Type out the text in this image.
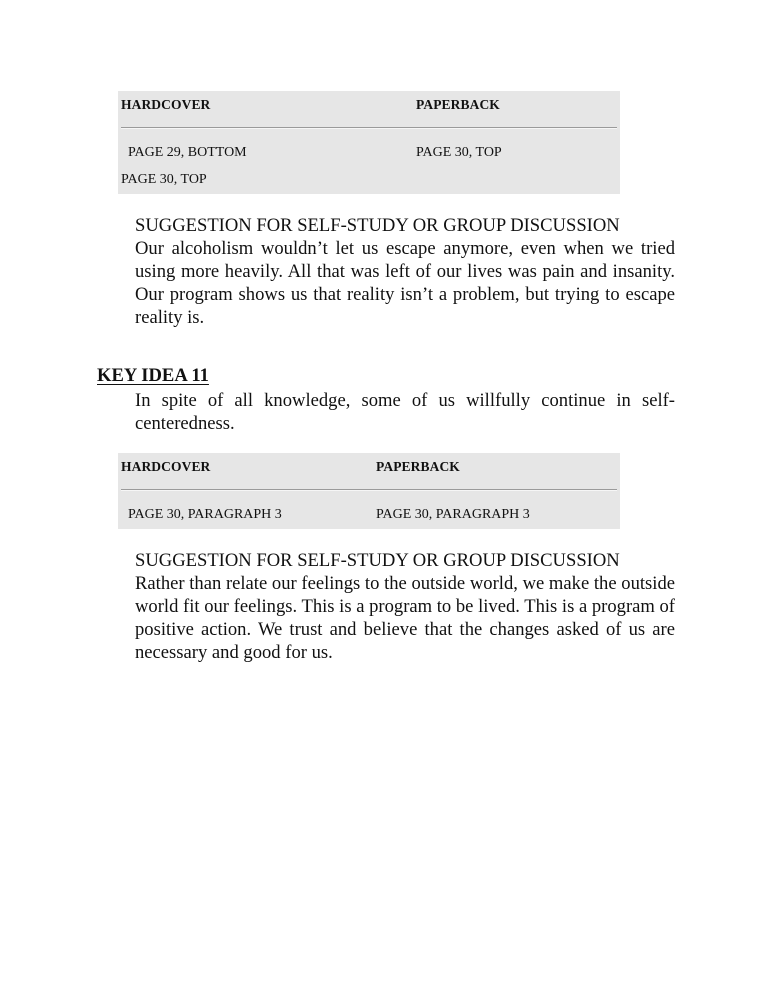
HARDCOVER	PAPERBACK
PAGE 29, BOTTOM	PAGE 30, TOP
PAGE 30, TOP
SUGGESTION FOR SELF-STUDY OR GROUP DISCUSSION
Our alcoholism wouldn’t let us escape anymore, even when we tried using more heavily. All that was left of our lives was pain and insanity. Our program shows us that reality isn’t a problem, but trying to escape reality is.
KEY IDEA 11
In spite of all knowledge, some of us willfully continue in self-centeredness.
HARDCOVER	PAPERBACK
PAGE 30, PARAGRAPH 3	PAGE 30, PARAGRAPH 3
SUGGESTION FOR SELF-STUDY OR GROUP DISCUSSION
Rather than relate our feelings to the outside world, we make the outside world fit our feelings. This is a program to be lived. This is a program of positive action. We trust and believe that the changes asked of us are necessary and good for us.
